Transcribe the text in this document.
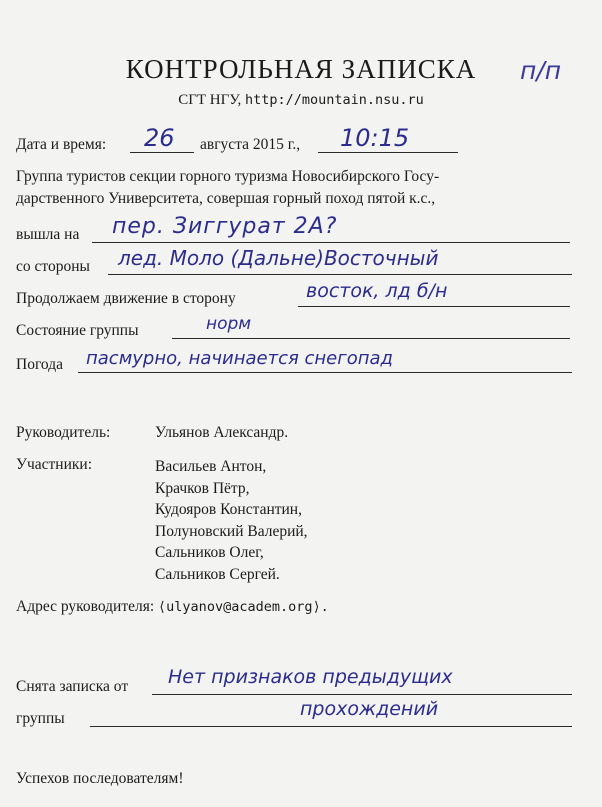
КОНТРОЛЬНАЯ ЗАПИСКА	п/п
СГТ НГУ, http://mountain.nsu.ru
Дата и время: 26 августа 2015 г., 10:15
Группа туристов секции горного туризма Новосибирского Госу-
дарственного Университета, совершая горный поход пятой к.с.,
вышла на пер. Зиггурат 2А?
со стороны лед. Моло (Дальне)Восточный
Продолжаем движение в сторону	восток, лд б/н
Состояние группы	норм
Погода пасмурно, начинается снегопад
Руководитель:	Ульянов Александр.
Участники:	Васильев Антон,
Крачков Пётр,
Кудояров Константин,
Полуновский Валерий,
Сальников Олег,
Сальников Сергей.
Адрес руководителя: ⟨ulyanov@academ.org⟩.
Снята записка от Нет признаков предыдущих
группы	прохождений
Успехов последователям!
